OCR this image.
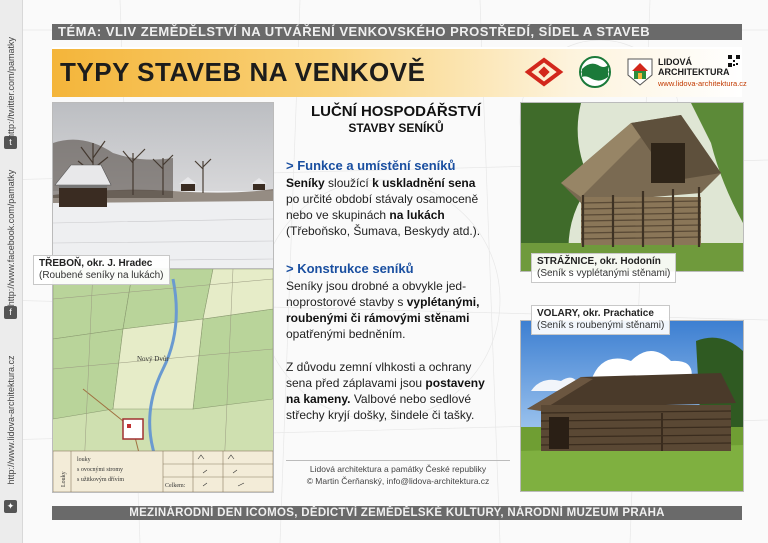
t
http://twitter.com/pamatky
f
http://www.facebook.com/pamatky
✦
http://www.lidova-architektura.cz
TÉMA: VLIV ZEMĚDĚLSTVÍ NA UTVÁŘENÍ VENKOVSKÉHO PROSTŘEDÍ, SÍDEL A STAVEB
TYPY STAVEB NA VENKOVĚ	LIDOVÁ
ARCHITEKTURA
www.lidova-architektura.cz
Nový Dvůr
Louky
louky
s ovocnými stromy
s užitkovým dřívím
Celkem:
TŘEBOŇ, okr. J. Hradec
(Roubené seníky na lukách)
LUČNÍ HOSPODÁŘSTVÍ
STAVBY SENÍKŮ
> Funkce a umístění seníků
Seníky sloužící k uskladnění sena
po určité období stávaly osamoceně
nebo ve skupinách na lukách
(Třeboňsko, Šumava, Beskydy atd.).
> Konstrukce seníků
Seníky jsou drobné a obvykle jed-
noprostorové stavby s vyplétanými,
roubenými či rámovými stěnami
opatřenými bedněním.
Z důvodu zemní vlhkosti a ochrany
sena před záplavami jsou postaveny
na kameny. Valbové nebo sedlové
střechy kryjí došky, šindele či tašky.
Lidová architektura a památky České republiky
© Martin Čerňanský, info@lidova-architektura.cz
STRÁŽNICE, okr. Hodonín
(Seník s vyplétanými stěnami)
VOLARY, okr. Prachatice
(Seník s roubenými stěnami)
MEZINÁRODNÍ DEN ICOMOS, DĚDICTVÍ ZEMĚDĚLSKÉ KULTURY, NÁRODNÍ MUZEUM PRAHA
